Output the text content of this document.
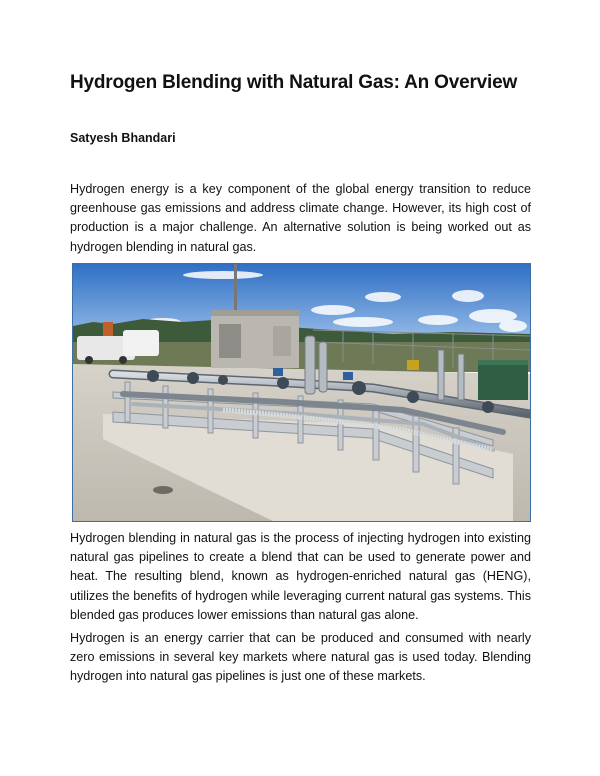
Hydrogen Blending with Natural Gas: An Overview

Satyesh Bhandari

Hydrogen energy is a key component of the global energy transition to reduce greenhouse gas emissions and address climate change. However, its high cost of production is a major challenge. An alternative solution is being worked out as hydrogen blending in natural gas.

Hydrogen blending in natural gas is the process of injecting hydrogen into existing natural gas pipelines to create a blend that can be used to generate power and heat. The resulting blend, known as hydrogen-enriched natural gas (HENG), utilizes the benefits of hydrogen while leveraging current natural gas systems. This blended gas produces lower emissions than natural gas alone.

Hydrogen is an energy carrier that can be produced and consumed with nearly zero emissions in several key markets where natural gas is used today. Blending hydrogen into natural gas pipelines is just one of these markets.
